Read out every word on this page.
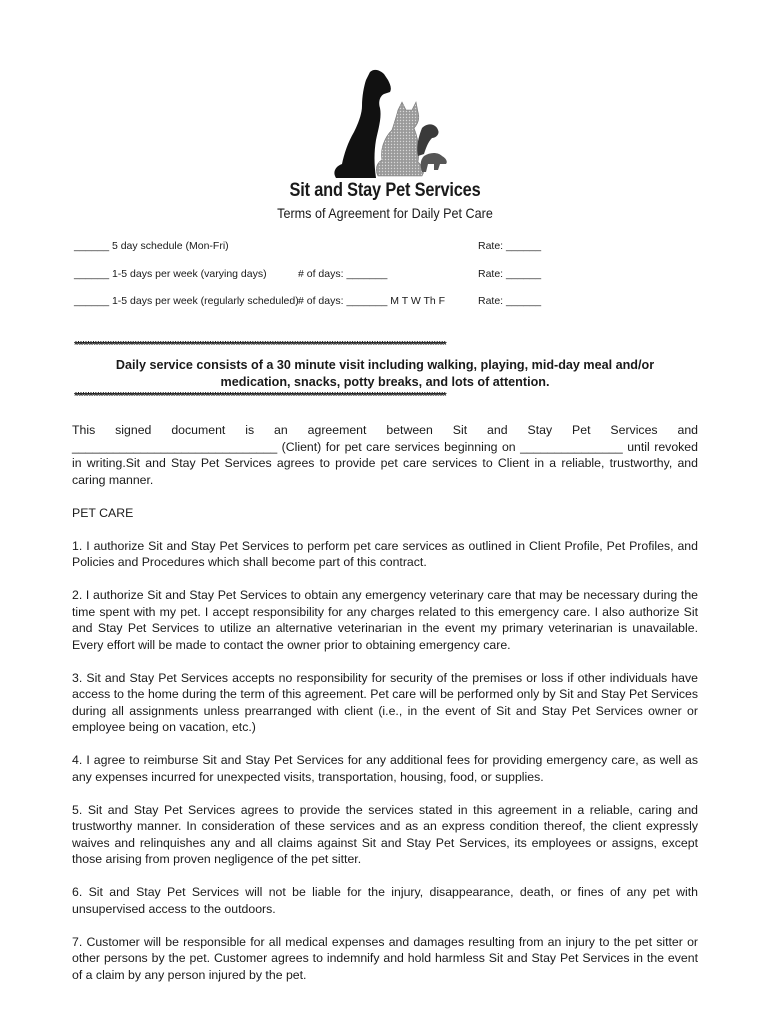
Sit and Stay Pet Services
Terms of Agreement for Daily Pet Care
______ 5 day schedule (Mon-Fri)	Rate: ______
______ 1-5 days per week (varying days)	# of days: _______	Rate: ______
______ 1-5 days per week (regularly scheduled) # of days: _______ M T W Th F	Rate: ______
*****************************************************************************************************************************************************
Daily service consists of a 30 minute visit including walking, playing, mid-day meal and/or medication, snacks, potty breaks, and lots of attention.
*****************************************************************************************************************************************************

This signed document is an agreement between Sit and Stay Pet Services and ______________________________ (Client) for pet care services beginning on _______________ until revoked in writing.Sit and Stay Pet Services agrees to provide pet care services to Client in a reliable, trustworthy, and caring manner.

PET CARE

1. I authorize Sit and Stay Pet Services to perform pet care services as outlined in Client Profile, Pet Profiles, and Policies and Procedures which shall become part of this contract.

2. I authorize Sit and Stay Pet Services to obtain any emergency veterinary care that may be necessary during the time spent with my pet. I accept responsibility for any charges related to this emergency care. I also authorize Sit and Stay Pet Services to utilize an alternative veterinarian in the event my primary veterinarian is unavailable. Every effort will be made to contact the owner prior to obtaining emergency care.

3. Sit and Stay Pet Services accepts no responsibility for security of the premises or loss if other individuals have access to the home during the term of this agreement. Pet care will be performed only by Sit and Stay Pet Services during all assignments unless prearranged with client (i.e., in the event of Sit and Stay Pet Services owner or employee being on vacation, etc.)

4. I agree to reimburse Sit and Stay Pet Services for any additional fees for providing emergency care, as well as any expenses incurred for unexpected visits, transportation, housing, food, or supplies.

5. Sit and Stay Pet Services agrees to provide the services stated in this agreement in a reliable, caring and trustworthy manner. In consideration of these services and as an express condition thereof, the client expressly waives and relinquishes any and all claims against Sit and Stay Pet Services, its employees or assigns, except those arising from proven negligence of the pet sitter.

6. Sit and Stay Pet Services will not be liable for the injury, disappearance, death, or fines of any pet with unsupervised access to the outdoors.

7. Customer will be responsible for all medical expenses and damages resulting from an injury to the pet sitter or other persons by the pet. Customer agrees to indemnify and hold harmless Sit and Stay Pet Services in the event of a claim by any person injured by the pet.
